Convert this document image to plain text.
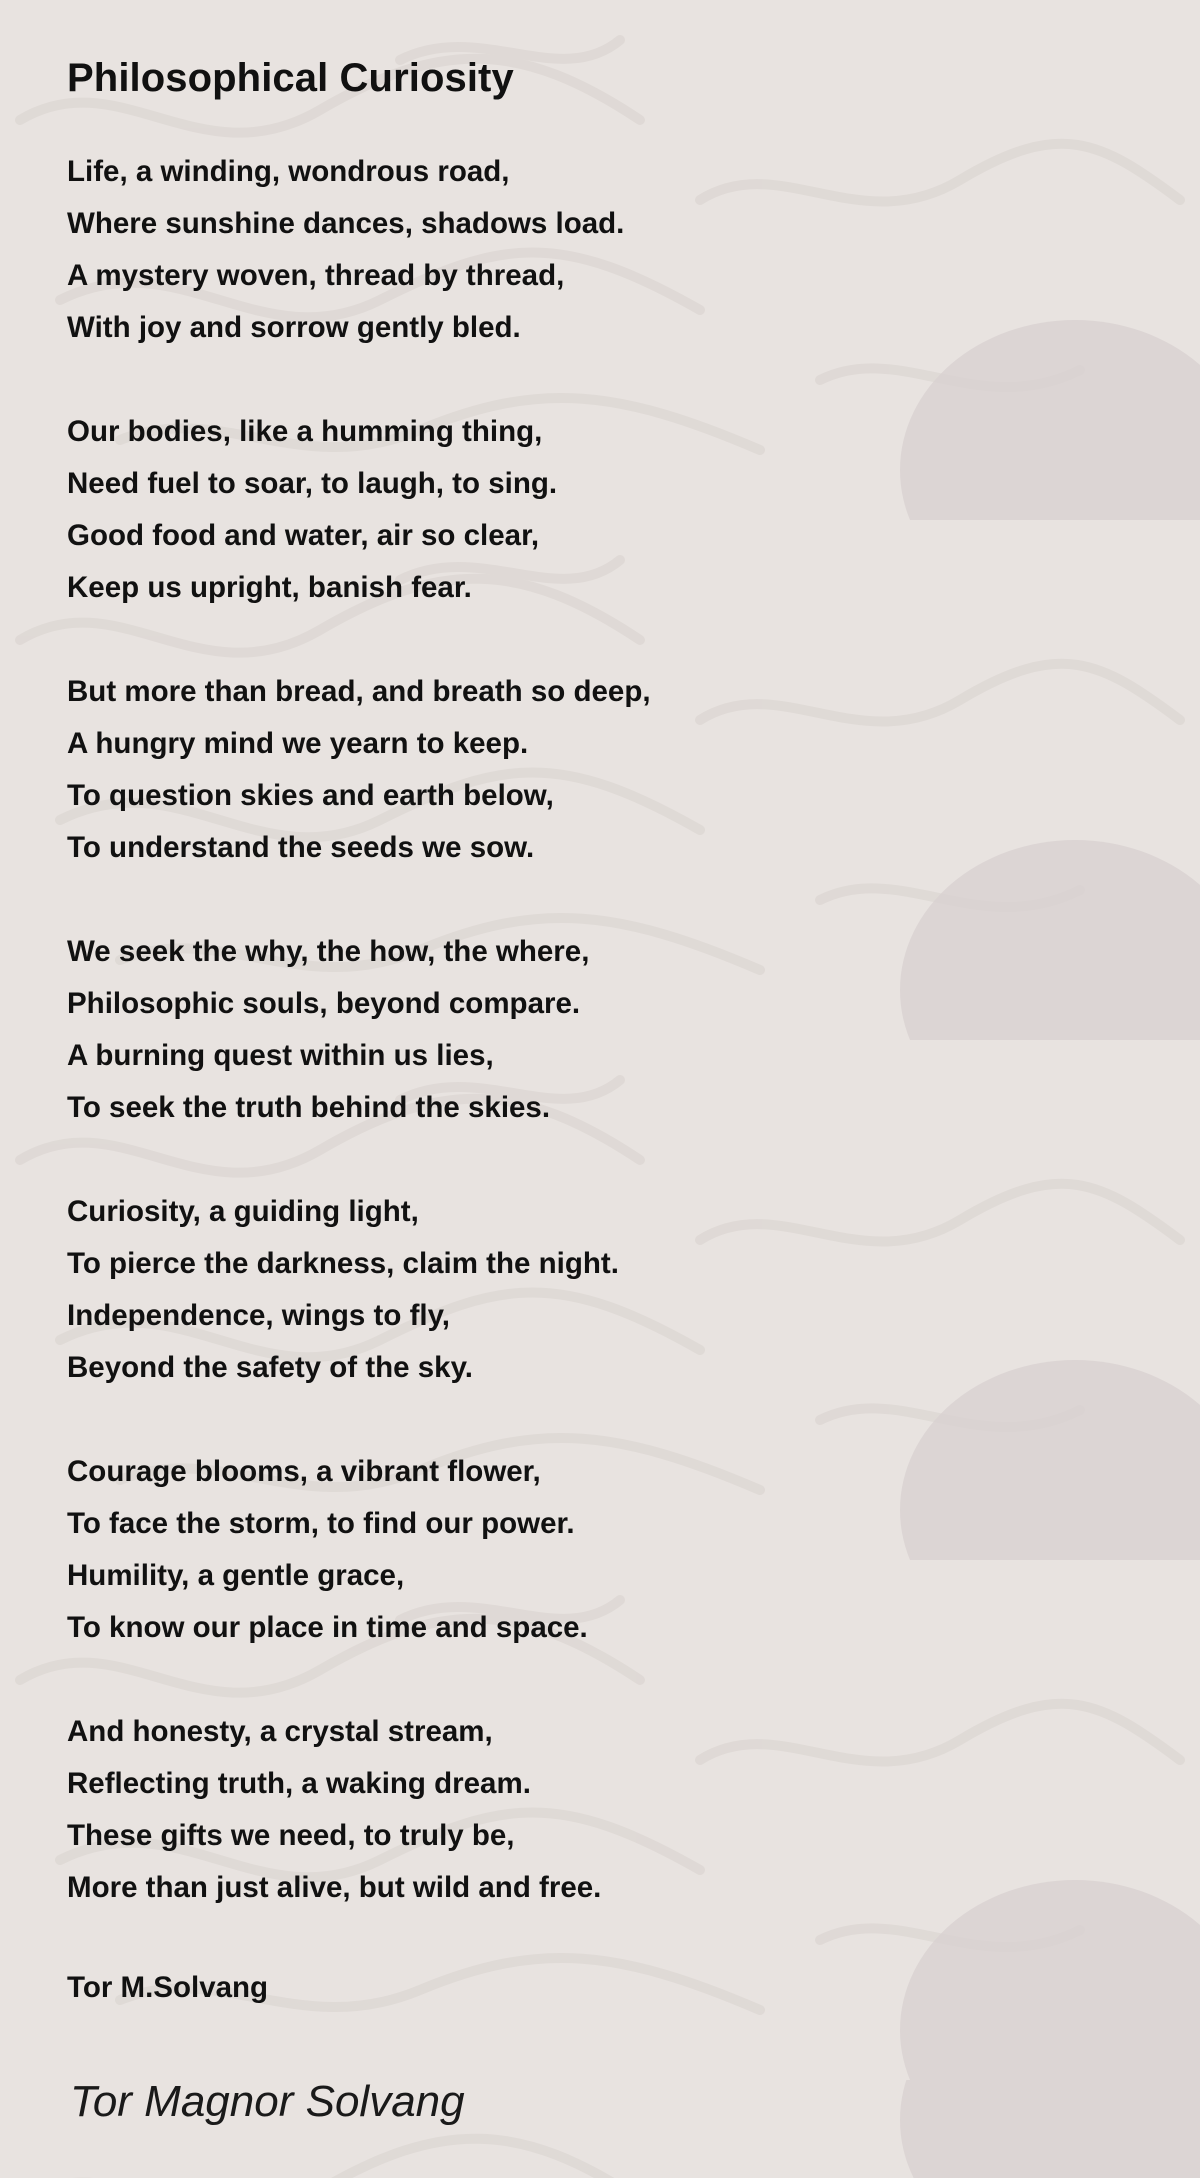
Philosophical Curiosity
Life, a winding, wondrous road,
Where sunshine dances, shadows load.
A mystery woven, thread by thread,
With joy and sorrow gently bled.
Our bodies, like a humming thing,
Need fuel to soar, to laugh, to sing.
Good food and water, air so clear,
Keep us upright, banish fear.
But more than bread, and breath so deep,
A hungry mind we yearn to keep.
To question skies and earth below,
To understand the seeds we sow.
We seek the why, the how, the where,
Philosophic souls, beyond compare.
A burning quest within us lies,
To seek the truth behind the skies.
Curiosity, a guiding light,
To pierce the darkness, claim the night.
Independence, wings to fly,
Beyond the safety of the sky.
Courage blooms, a vibrant flower,
To face the storm, to find our power.
Humility, a gentle grace,
To know our place in time and space.
And honesty, a crystal stream,
Reflecting truth, a waking dream.
These gifts we need, to truly be,
More than just alive, but wild and free.
Tor M.Solvang
Tor Magnor Solvang
